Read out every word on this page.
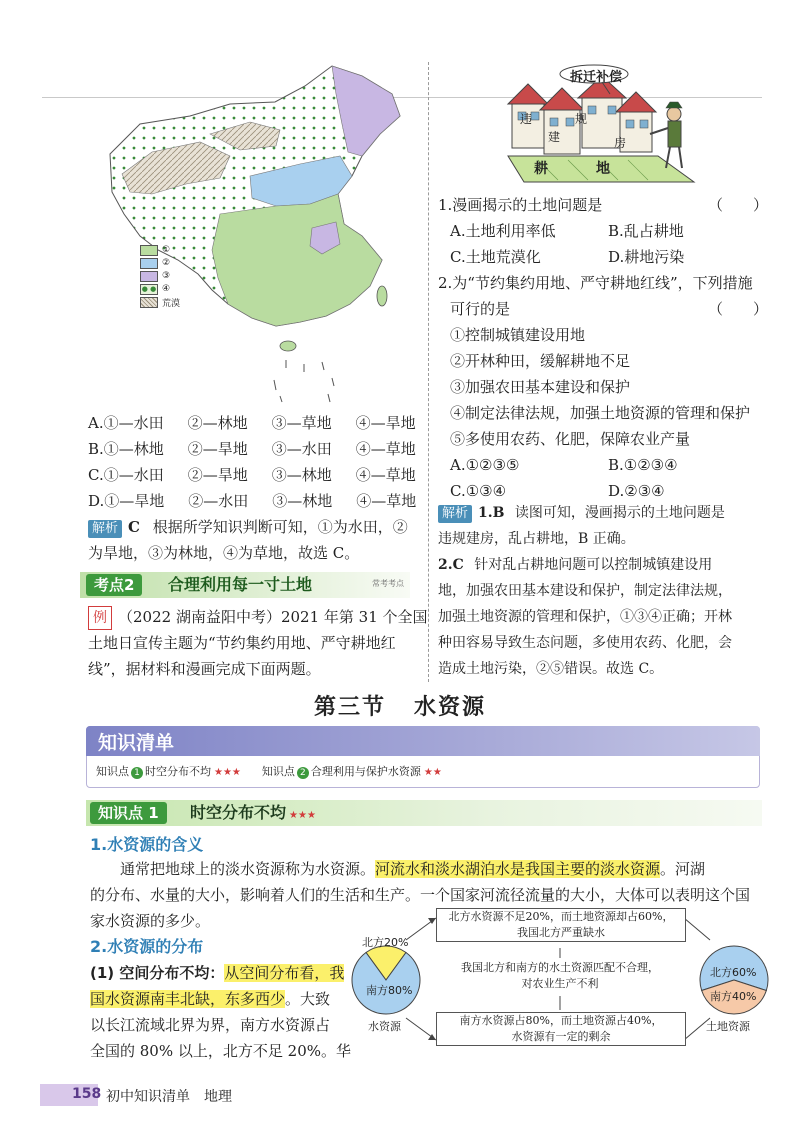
①
②
③
● ● ④
荒漠
A.①—水田 ②—林地 ③—草地 ④—旱地
B.①—林地 ②—旱地 ③—水田 ④—草地
C.①—水田 ②—旱地 ③—林地 ④—草地
D.①—旱地 ②—水田 ③—林地 ④—草地
解析 C 根据所学知识判断可知，①为水田，②
为旱地，③为林地，④为草地，故选 C。
考点2	合理利用每一寸土地	常考考点
例 （2022 湖南益阳中考）2021 年第 31 个全国
土地日宣传主题为“节约集约用地、严守耕地红
线”，据材料和漫画完成下面两题。
拆迁补偿
违
建
规
房
耕	地
1.漫画揭示的土地问题是	（　　）
A.土地利用率低	B.乱占耕地
C.土地荒漠化	D.耕地污染
2.为“节约集约用地、严守耕地红线”，下列措施
可行的是	（　　）
①控制城镇建设用地
②开林种田，缓解耕地不足
③加强农田基本建设和保护
④制定法律法规，加强土地资源的管理和保护
⑤多使用农药、化肥，保障农业产量
A.①②③⑤	B.①②③④
C.①③④	D.②③④
解析 1.B 读图可知，漫画揭示的土地问题是
违规建房，乱占耕地，B 正确。
2.C 针对乱占耕地问题可以控制城镇建设用
地，加强农田基本建设和保护，制定法律法规，
加强土地资源的管理和保护，①③④正确；开林
种田容易导致生态问题，多使用农药、化肥，会
造成土地污染，②⑤错误。故选 C。
第三节 水资源
知识清单
知识点 1 时空分布不均 ★★★ 知识点 2 合理利用与保护水资源 ★★
知识点 1	时空分布不均 ★★★
1.水资源的含义
通常把地球上的淡水资源称为水资源。河流水和淡水湖泊水是我国主要的淡水资源。河湖
的分布、水量的大小，影响着人们的生活和生产。一个国家河流径流量的大小，大体可以表明这个国
家水资源的多少。
2.水资源的分布
(1) 空间分布不均：从空间分布看，我
国水资源南丰北缺，东多西少。大致
以长江流域北界为界，南方水资源占
全国的 80% 以上，北方不足 20%。华
北方水资源不足20%，而土地资源却占60%，
我国北方严重缺水
我国北方和南方的水土资源匹配不合理，
对农业生产不利
南方水资源占80%，而土地资源占40%，
水资源有一定的剩余
北方20%
南方80%
水资源
北方60%
南方40%
土地资源
158 初中知识清单　地理
